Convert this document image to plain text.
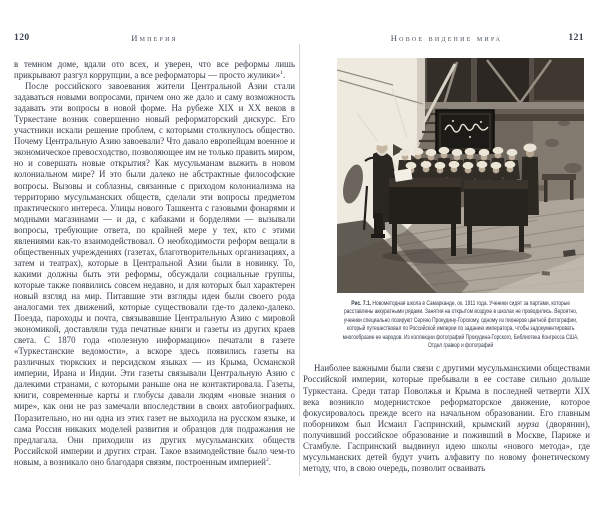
120	Империя

в темном доме, вдали ото всех, и уверен, что все реформы лишь прикрывают разгул коррупции, а все реформаторы — просто жулики»$^1$.

После российского завоевания жители Центральной Азии стали задаваться новыми вопросами, причем оно же дало и саму возможность задавать эти вопросы в новой форме. На рубеже XIX и XX веков в Туркестане возник совершенно новый реформаторский дискурс. Его участники искали решение проблем, с которыми столкнулось общество. Почему Центральную Азию завоевали? Что давало европейцам военное и экономическое превосходство, позволяющее им не только править миром, но и совершать новые открытия? Как мусульманам выжить в новом колониальном мире? И это были далеко не абстрактные философские вопросы. Вызовы и соблазны, связанные с приходом колониализма на территорию мусульманских обществ, сделали эти вопросы предметом практического интереса. Улицы нового Ташкента с газовыми фонарями и модными магазинами — и да, с кабаками и борделями — вызывали вопросы, требующие ответа, по крайней мере у тех, кто с этими явлениями как-то взаимодействовал. О необходимости реформ вещали в общественных учреждениях (газетах, благотворительных организациях, а затем и театрах), которые в Центральной Азии были в новинку. То, какими должны быть эти реформы, обсуждали социальные группы, которые также появились совсем недавно, и для которых был характерен новый взгляд на мир. Питавшие эти взгляды идеи были своего рода аналогами тех движений, которые существовали где-то далеко-далеко. Поезда, пароходы и почта, связывавшие Центральную Азию с мировой экономикой, доставляли туда печатные книги и газеты из других краев света. С 1870 года «полезную информацию» печатали в газете «Туркестанские ведомости», а вскоре здесь появились газеты на различных тюркских и персидском языках — из Крыма, Османской империи, Ирана и Индии. Эти газеты связывали Центральную Азию с далекими странами, с которыми раньше она не контактировала. Газеты, книги, современные карты и глобусы давали людям «новые знания о мире», как они не раз замечали впоследствии в своих автобиографиях. Поразительно, но ни одна из этих газет не выходила на русском языке, и сама Россия никаких моделей развития и образцов для подражания не предлагала. Они приходили из других мусульманских обществ Российской империи и других стран. Такое взаимодействие было чем-то новым, а возникало оно благодаря связям, построенным империей$^2$.

Новое видение мира	121
Рис. 7.1. Новометодная школа в Самарканде, ок. 1911 года. Ученики сидят за партами, которые расставлены аккуратными рядами. Занятия на открытом воздухе в школах не проводились. Вероятно, ученики специально позируют Сергею Прокудину-Горскому, одному из пионеров цветной фотографии, который путешествовал по Российской империи по заданию императора, чтобы задокументировать многообразие ее народов. Из коллекции фотографий Прокудина-Горского, Библиотека Конгресса США, Отдел гравюр и фотографий

Наиболее важными были связи с другими мусульманскими обществами Российской империи, которые пребывали в ее составе сильно дольше Туркестана. Среди татар Поволжья и Крыма в последней четверти XIX века возникло модернистское реформаторское движение, которое фокусировалось прежде всего на начальном образовании. Его главным поборником был Исмаил Гаспринский, крымский мурза (дворянин), получивший российское образование и поживший в Москве, Париже и Стамбуле. Гаспринский выдвинул идею школы «нового метода», где мусульманских детей будут учить алфавиту по новому фонетическому методу, что, в свою очередь, позволит осваивать
